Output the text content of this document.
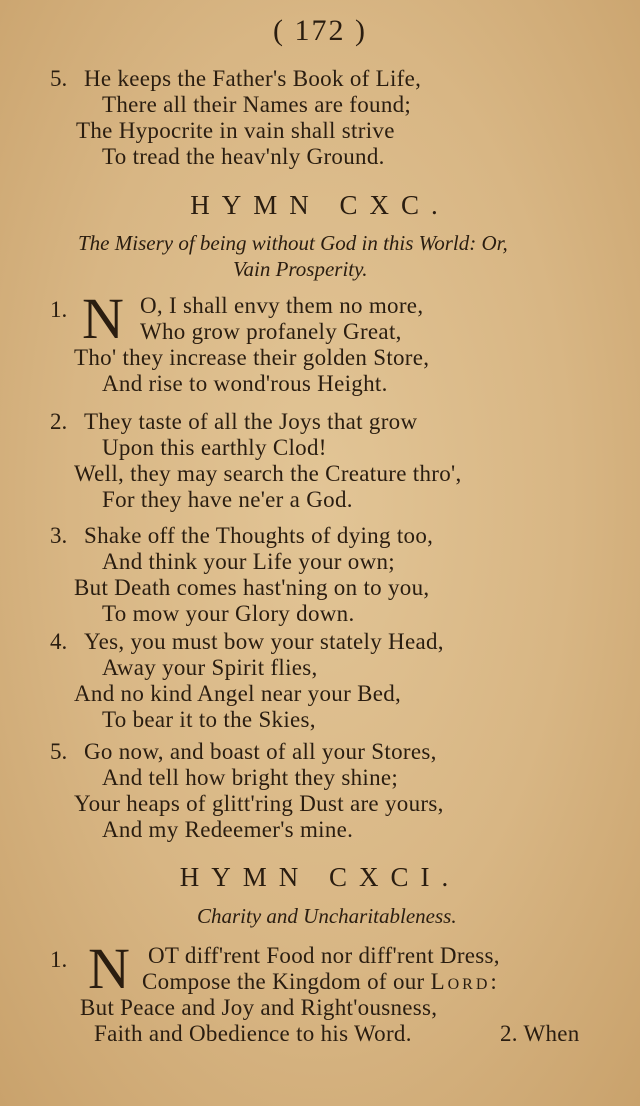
( 172 )
5. He keeps the Father's Book of Life,
There all their Names are found;
The Hypocrite in vain shall strive
To tread the heav'nly Ground.
HYMN CXC.
The Misery of being without God in this World: Or,
Vain Prosperity.
1. N O, I shall envy them no more,
Who grow profanely Great,
Tho' they increase their golden Store,
And rise to wond'rous Height.
2. They taste of all the Joys that grow
Upon this earthly Clod!
Well, they may search the Creature thro',
For they have ne'er a God.
3. Shake off the Thoughts of dying too,
And think your Life your own;
But Death comes hast'ning on to you,
To mow your Glory down.
4. Yes, you must bow your stately Head,
Away your Spirit flies,
And no kind Angel near your Bed,
To bear it to the Skies,
5. Go now, and boast of all your Stores,
And tell how bright they shine;
Your heaps of glitt'ring Dust are yours,
And my Redeemer's mine.
HYMN CXCI.
Charity and Uncharitableness.
1. N OT diff'rent Food nor diff'rent Dress,
Compose the Kingdom of our Lord:
But Peace and Joy and Right'ousness,
Faith and Obedience to his Word.	2. When
